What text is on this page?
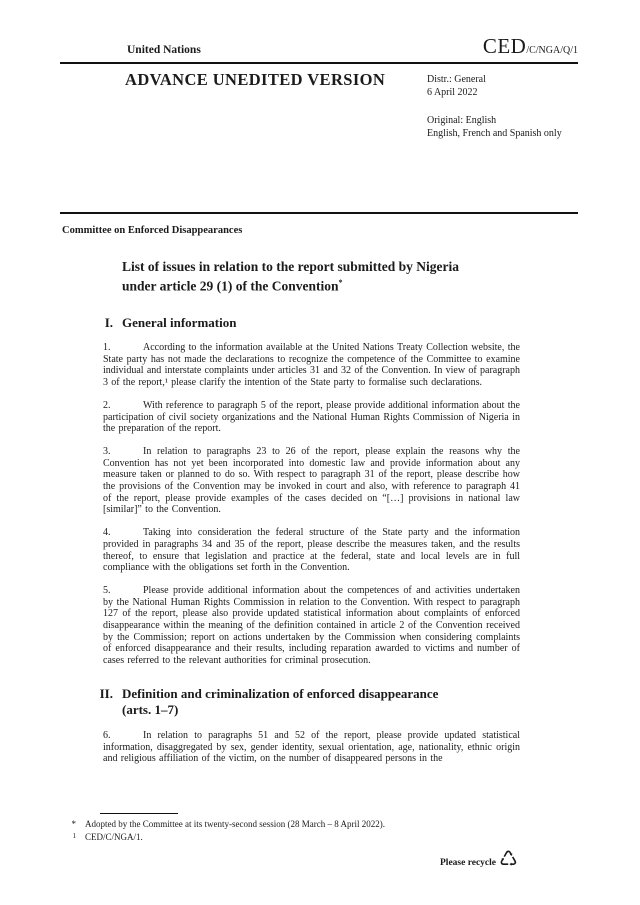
United Nations	CED/C/NGA/Q/1
ADVANCE UNEDITED VERSION	Distr.: General
6 April 2022
Original: English
English, French and Spanish only
Committee on Enforced Disappearances
List of issues in relation to the report submitted by Nigeria
under article 29 (1) of the Convention*
I. General information

1.	According to the information available at the United Nations Treaty Collection website, the State party has not made the declarations to recognize the competence of the Committee to examine individual and interstate complaints under articles 31 and 32 of the Convention. In view of paragraph 3 of the report,¹ please clarify the intention of the State party to formalise such declarations.

2.	With reference to paragraph 5 of the report, please provide additional information about the participation of civil society organizations and the National Human Rights Commission of Nigeria in the preparation of the report.

3.	In relation to paragraphs 23 to 26 of the report, please explain the reasons why the Convention has not yet been incorporated into domestic law and provide information about any measure taken or planned to do so. With respect to paragraph 31 of the report, please describe how the provisions of the Convention may be invoked in court and also, with reference to paragraph 41 of the report, please provide examples of the cases decided on “[…] provisions in national law [similar]” to the Convention.

4.	Taking into consideration the federal structure of the State party and the information provided in paragraphs 34 and 35 of the report, please describe the measures taken, and the results thereof, to ensure that legislation and practice at the federal, state and local levels are in full compliance with the obligations set forth in the Convention.

5.	Please provide additional information about the competences of and activities undertaken by the National Human Rights Commission in relation to the Convention. With respect to paragraph 127 of the report, please also provide updated statistical information about complaints of enforced disappearance within the meaning of the definition contained in article 2 of the Convention received by the Commission; report on actions undertaken by the Commission when considering complaints of enforced disappearance and their results, including reparation awarded to victims and number of cases referred to the relevant authorities for criminal prosecution.

II. Definition and criminalization of enforced disappearance
(arts. 1–7)

6.	In relation to paragraphs 51 and 52 of the report, please provide updated statistical information, disaggregated by sex, gender identity, sexual orientation, age, nationality, ethnic origin and religious affiliation of the victim, on the number of disappeared persons in the

* Adopted by the Committee at its twenty-second session (28 March – 8 April 2022).
1 CED/C/NGA/1.
Please recycle ♺
